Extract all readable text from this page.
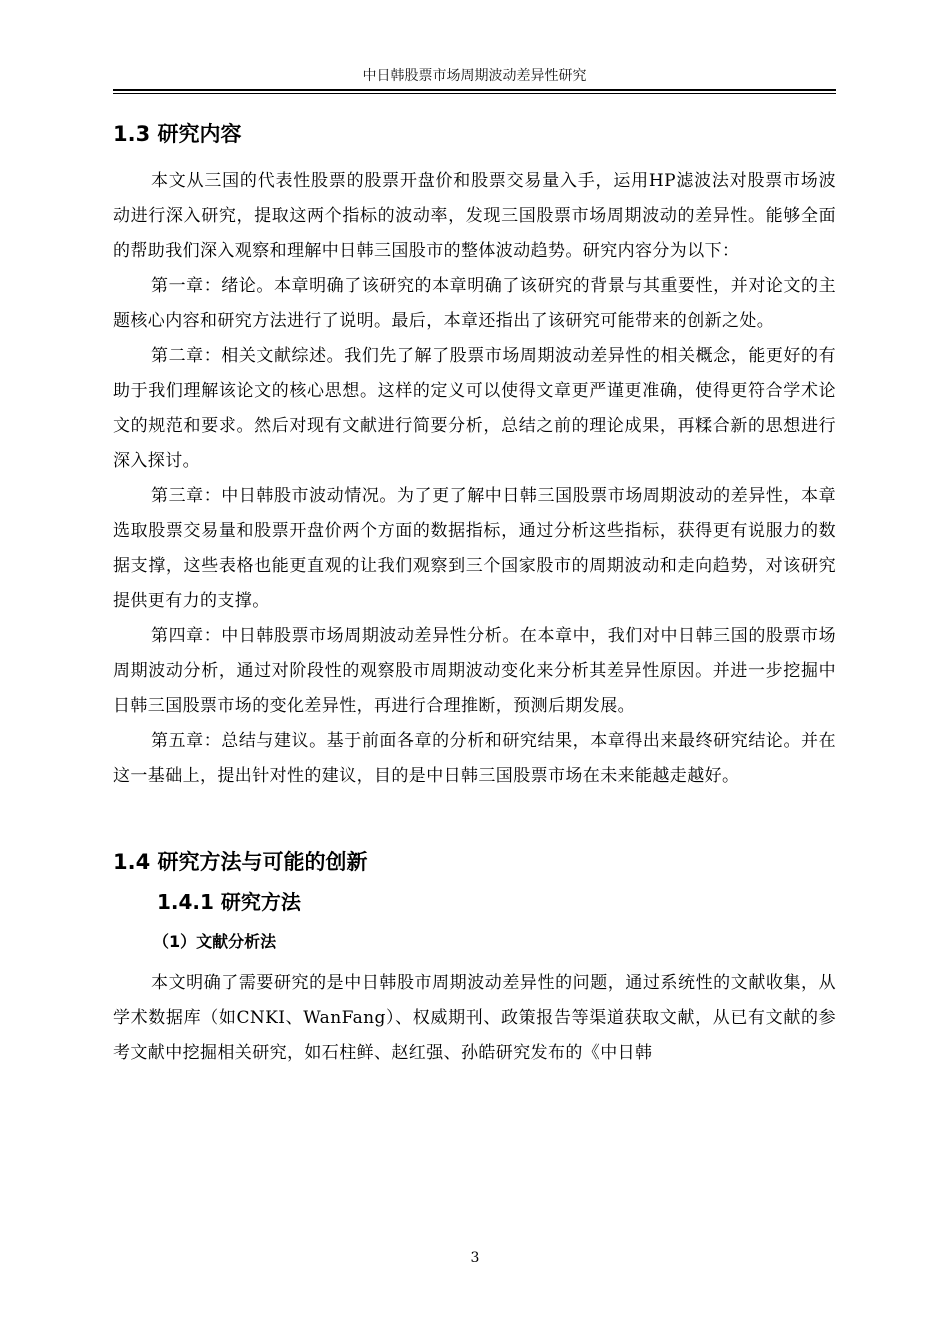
中日韩股票市场周期波动差异性研究
1.3 研究内容

本文从三国的代表性股票的股票开盘价和股票交易量入手，运用HP滤波法对股票市场波动进行深入研究，提取这两个指标的波动率，发现三国股票市场周期波动的差异性。能够全面的帮助我们深入观察和理解中日韩三国股市的整体波动趋势。研究内容分为以下：

第一章：绪论。本章明确了该研究的本章明确了该研究的背景与其重要性，并对论文的主题核心内容和研究方法进行了说明。最后，本章还指出了该研究可能带来的创新之处。

第二章：相关文献综述。我们先了解了股票市场周期波动差异性的相关概念，能更好的有助于我们理解该论文的核心思想。这样的定义可以使得文章更严谨更准确，使得更符合学术论文的规范和要求。然后对现有文献进行简要分析，总结之前的理论成果，再糅合新的思想进行深入探讨。

第三章：中日韩股市波动情况。为了更了解中日韩三国股票市场周期波动的差异性，本章选取股票交易量和股票开盘价两个方面的数据指标，通过分析这些指标，获得更有说服力的数据支撑，这些表格也能更直观的让我们观察到三个国家股市的周期波动和走向趋势，对该研究提供更有力的支撑。

第四章：中日韩股票市场周期波动差异性分析。在本章中，我们对中日韩三国的股票市场周期波动分析，通过对阶段性的观察股市周期波动变化来分析其差异性原因。并进一步挖掘中日韩三国股票市场的变化差异性，再进行合理推断，预测后期发展。

第五章：总结与建议。基于前面各章的分析和研究结果，本章得出来最终研究结论。并在这一基础上，提出针对性的建议，目的是中日韩三国股票市场在未来能越走越好。

1.4 研究方法与可能的创新
1.4.1 研究方法
（1）文献分析法

本文明确了需要研究的是中日韩股市周期波动差异性的问题，通过系统性的文献收集，从学术数据库（如CNKI、WanFang）、权威期刊、政策报告等渠道获取文献，从已有文献的参考文献中挖掘相关研究，如石柱鲜、赵红强、孙皓研究发布的《中日韩

3
